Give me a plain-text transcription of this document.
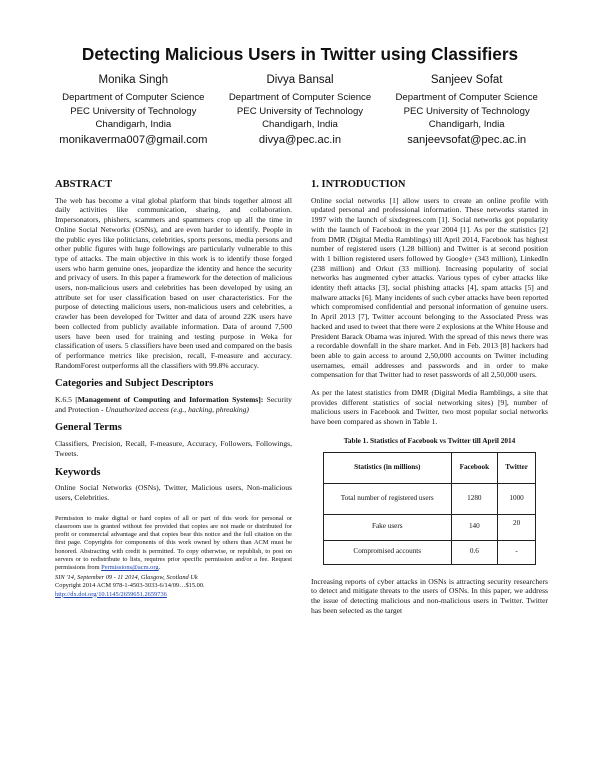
Detecting Malicious Users in Twitter using Classifiers
Monika Singh
Department of Computer Science
PEC University of Technology
Chandigarh, India
monikaverma007@gmail.com
Divya Bansal
Department of Computer Science
PEC University of Technology
Chandigarh, India
divya@pec.ac.in
Sanjeev Sofat
Department of Computer Science
PEC University of Technology
Chandigarh, India
sanjeevsofat@pec.ac.in
ABSTRACT

The web has become a vital global platform that binds together almost all daily activities like communication, sharing, and collaboration. Impersonators, phishers, scammers and spammers crop up all the time in Online Social Networks (OSNs), and are even harder to identify. People in the public eyes like politicians, celebrities, sports persons, media persons and other public figures with huge followings are particularly vulnerable to this type of attacks. The main objective in this work is to identify those forged users who harm genuine ones, jeopardize the identity and hence the security and privacy of users. In this paper a framework for the detection of malicious users, non-malicious users and celebrities has been developed by using an attribute set for user classification based on user characteristics. For the purpose of detecting malicious users, non-malicious users and celebrities, a crawler has been developed for Twitter and data of around 22K users have been collected from publicly available information. Data of around 7,500 users have been used for training and testing purpose in Weka for classification of users. 5 classifiers have been used and compared on the basis of performance metrics like precision, recall, F-measure and accuracy. RandomForest outperforms all the classifiers with 99.8% accuracy.

Categories and Subject Descriptors

K.6.5 [Management of Computing and Information Systems]: Security and Protection - Unauthorized access (e.g., hacking, phreaking)

General Terms

Classifiers, Precision, Recall, F-measure, Accuracy, Followers, Followings, Tweets.

Keywords

Online Social Networks (OSNs), Twitter, Malicious users, Non-malicious users, Celebrities.

Permission to make digital or hard copies of all or part of this work for personal or classroom use is granted without fee provided that copies are not made or distributed for profit or commercial advantage and that copies bear this notice and the full citation on the first page. Copyrights for components of this work owned by others than ACM must be honored. Abstracting with credit is permitted. To copy otherwise, or republish, to post on servers or to redistribute to lists, requires prior specific permission and/or a fee. Request permissions from Permissions@acm.org.

SIN '14, September 09 - 11 2014, Glasgow, Scotland Uk
Copyright 2014 ACM 978-1-4503-3033-6/14/09…$15.00.
http://dx.doi.org/10.1145/2659651.2659736
1. INTRODUCTION

Online social networks [1] allow users to create an online profile with updated personal and professional information. These networks started in 1997 with the launch of sixdegrees.com [1]. Social networks got popularity with the launch of Facebook in the year 2004 [1]. As per the statistics [2] from DMR (Digital Media Ramblings) till April 2014, Facebook has highest number of registered users (1.28 billion) and Twitter is at second position with 1 billion registered users followed by Google+ (343 million), LinkedIn (238 million) and Orkut (33 million). Increasing popularity of social networks has augmented cyber attacks. Various types of cyber attacks like identity theft attacks [3], social phishing attacks [4], spam attacks [5] and malware attacks [6]. Many incidents of such cyber attacks have been reported which compromised confidential and personal information of genuine users. In April 2013 [7], Twitter account belonging to the Associated Press was hacked and used to tweet that there were 2 explosions at the White House and President Barack Obama was injured. With the spread of this news there was a recordable downfall in the share market. And in Feb. 2013 [8] hackers had been able to gain access to around 2,50,000 accounts on Twitter including usernames, email addresses and passwords and in order to make compensation for that Twitter had to reset passwords of all 2,50,000 users.

As per the latest statistics from DMR (Digital Media Ramblings, a site that provides different statistics of social networking sites) [9], number of malicious users in Facebook and Twitter, two most popular social networks have been compared as shown in Table 1.

Table 1. Statistics of Facebook vs Twitter till April 2014
Statistics (in millions)	Facebook	Twitter
Total number of registered users	1280	1000
Fake users	140	20
Compromised accounts	0.6	-

Increasing reports of cyber attacks in OSNs is attracting security researchers to detect and mitigate threats to the users of OSNs. In this paper, we address the issue of detecting malicious and non-malicious users in Twitter. Twitter has been selected as the target
